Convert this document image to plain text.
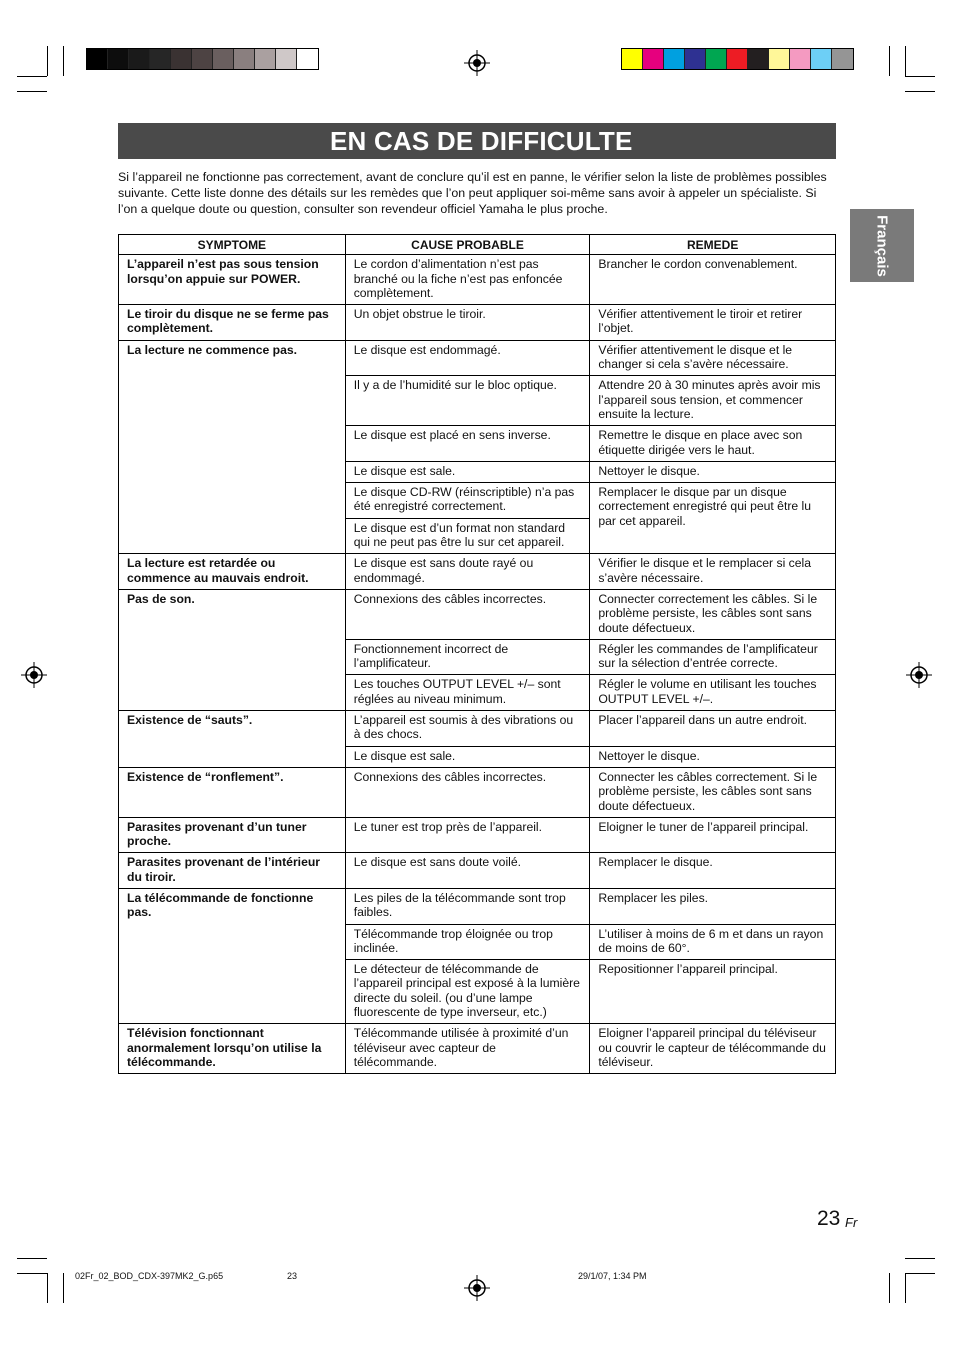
EN CAS DE DIFFICULTE
Si l’appareil ne fonctionne pas correctement, avant de conclure qu’il est en panne, le vérifier selon la liste de problèmes possibles suivante. Cette liste donne des détails sur les remèdes que l’on peut appliquer soi-même sans avoir à appeler un spécialiste. Si l’on a quelque doute ou question, consulter son revendeur officiel Yamaha le plus proche.
Français
SYMPTOME	CAUSE PROBABLE	REMEDE
L’appareil n’est pas sous tension lorsqu’on appuie sur POWER.	Le cordon d’alimentation n’est pas branché ou la fiche n’est pas enfoncée complètement.	Brancher le cordon convenablement.
Le tiroir du disque ne se ferme pas complètement.	Un objet obstrue le tiroir.	Vérifier attentivement le tiroir et retirer l’objet.
La lecture ne commence pas.	Le disque est endommagé.	Vérifier attentivement le disque et le changer si cela s’avère nécessaire.
	Il y a de l’humidité sur le bloc optique.	Attendre 20 à 30 minutes après avoir mis l’appareil sous tension, et commencer ensuite la lecture.
	Le disque est placé en sens inverse.	Remettre le disque en place avec son étiquette dirigée vers le haut.
	Le disque est sale.	Nettoyer le disque.
	Le disque CD-RW (réinscriptible) n’a pas été enregistré correctement.	Remplacer le disque par un disque correctement enregistré qui peut être lu par cet appareil.
	Le disque est d’un format non standard qui ne peut pas être lu sur cet appareil.	
La lecture est retardée ou commence au mauvais endroit.	Le disque est sans doute rayé ou endommagé.	Vérifier le disque et le remplacer si cela s’avère nécessaire.
Pas de son.	Connexions des câbles incorrectes.	Connecter correctement les câbles. Si le problème persiste, les câbles sont sans doute défectueux.
	Fonctionnement incorrect de l’amplificateur.	Régler les commandes de l’amplificateur sur la sélection d’entrée correcte.
	Les touches OUTPUT LEVEL +/– sont réglées au niveau minimum.	Régler le volume en utilisant les touches OUTPUT LEVEL +/–.
Existence de “sauts”.	L’appareil est soumis à des vibrations ou à des chocs.	Placer l’appareil dans un autre endroit.
	Le disque est sale.	Nettoyer le disque.
Existence de “ronflement”.	Connexions des câbles incorrectes.	Connecter les câbles correctement. Si le problème persiste, les câbles sont sans doute défectueux.
Parasites provenant d’un tuner proche.	Le tuner est trop près de l’appareil.	Eloigner le tuner de l’appareil principal.
Parasites provenant de l’intérieur du tiroir.	Le disque est sans doute voilé.	Remplacer le disque.
La télécommande de fonctionne pas.	Les piles de la télécommande sont trop faibles.	Remplacer les piles.
	Télécommande trop éloignée ou trop inclinée.	L’utiliser à moins de 6 m et dans un rayon de moins de 60°.
	Le détecteur de télécommande de l’appareil principal est exposé à la lumière directe du soleil. (ou d’une lampe fluorescente de type inverseur, etc.)	Repositionner l’appareil principal.
Télévision fonctionnant anormalement lorsqu’on utilise la télécommande.	Télécommande utilisée à proximité d’un téléviseur avec capteur de télécommande.	Eloigner l’appareil principal du téléviseur ou couvrir le capteur de télécommande du téléviseur.
23 Fr
02Fr_02_BOD_CDX-397MK2_G.p65	23	29/1/07, 1:34 PM
